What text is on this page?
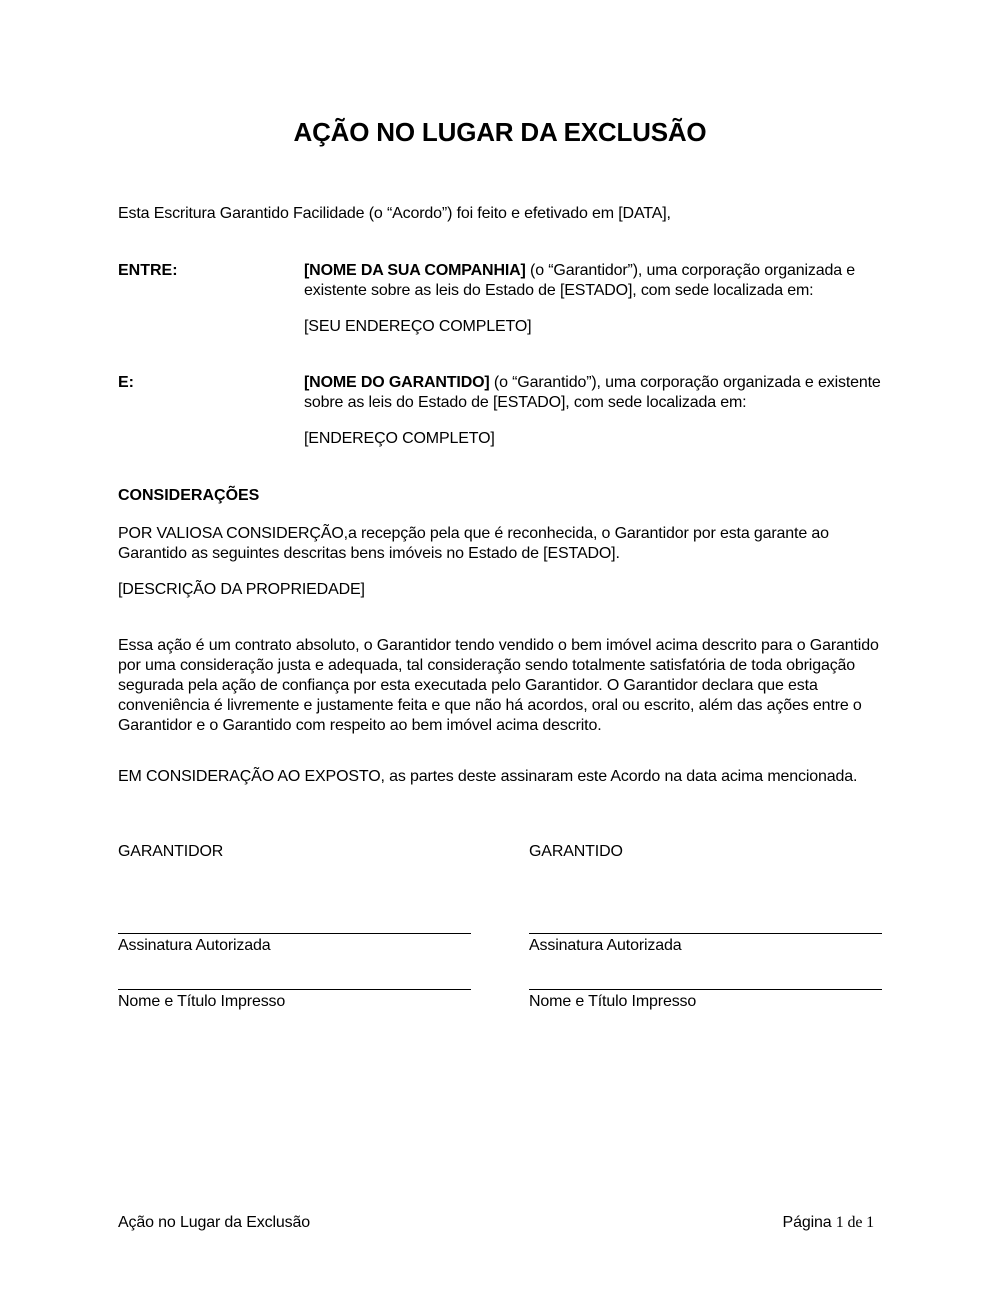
AÇÃO NO LUGAR DA EXCLUSÃO
Esta Escritura Garantido Facilidade (o “Acordo”) foi feito e efetivado em [DATA],
ENTRE:	[NOME DA SUA COMPANHIA] (o “Garantidor”), uma corporação organizada e existente sobre as leis do Estado de [ESTADO], com sede localizada em:
[SEU ENDEREÇO COMPLETO]
E:	[NOME DO GARANTIDO] (o “Garantido”), uma corporação organizada e existente sobre as leis do Estado de [ESTADO], com sede localizada em:
[ENDEREÇO COMPLETO]
CONSIDERAÇÕES
POR VALIOSA CONSIDERÇÃO,a recepção pela que é reconhecida, o Garantidor por esta garante ao Garantido as seguintes descritas bens imóveis no Estado de [ESTADO].
[DESCRIÇÃO DA PROPRIEDADE]
Essa ação é um contrato absoluto, o Garantidor tendo vendido o bem imóvel acima descrito para o Garantido por uma consideração justa e adequada, tal consideração sendo totalmente satisfatória de toda obrigação segurada pela ação de confiança por esta executada pelo Garantidor. O Garantidor declara que esta conveniência é livremente e justamente feita e que não há acordos, oral ou escrito, além das ações entre o Garantidor e o Garantido com respeito ao bem imóvel acima descrito.
EM CONSIDERAÇÃO AO EXPOSTO, as partes deste assinaram este Acordo na data acima mencionada.
GARANTIDOR
Assinatura Autorizada
Nome e Título Impresso
GARANTIDO
Assinatura Autorizada
Nome e Título Impresso
Ação no Lugar da Exclusão	Página 1 de 1
